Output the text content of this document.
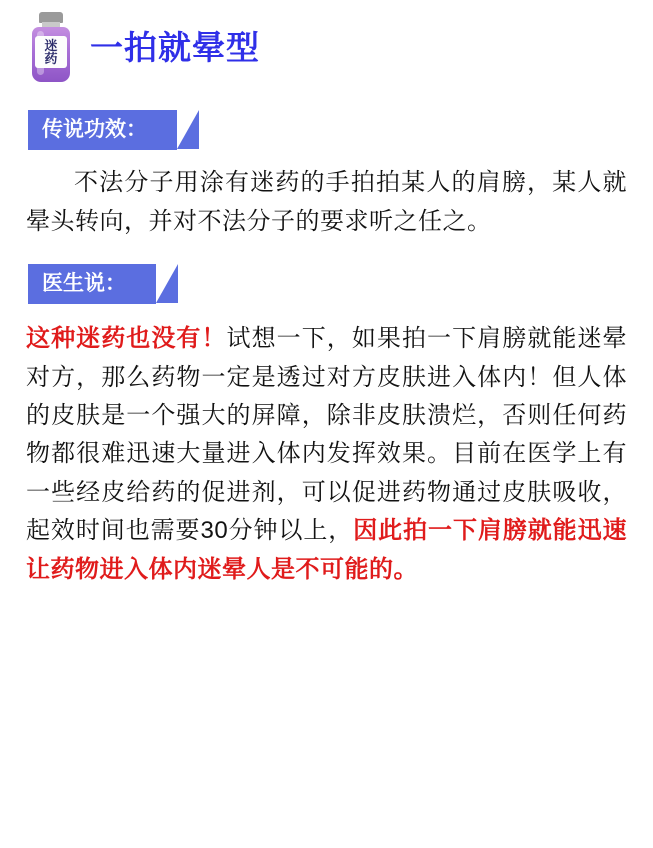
迷
药 一拍就晕型
传说功效：

不法分子用涂有迷药的手拍拍某人的肩膀，某人就晕头转向，并对不法分子的要求听之任之。

医生说：

这种迷药也没有！试想一下，如果拍一下肩膀就能迷晕对方，那么药物一定是透过对方皮肤进入体内！但人体的皮肤是一个强大的屏障，除非皮肤溃烂，否则任何药物都很难迅速大量进入体内发挥效果。目前在医学上有一些经皮给药的促进剂，可以促进药物通过皮肤吸收，起效时间也需要30分钟以上，因此拍一下肩膀就能迅速让药物进入体内迷晕人是不可能的。
